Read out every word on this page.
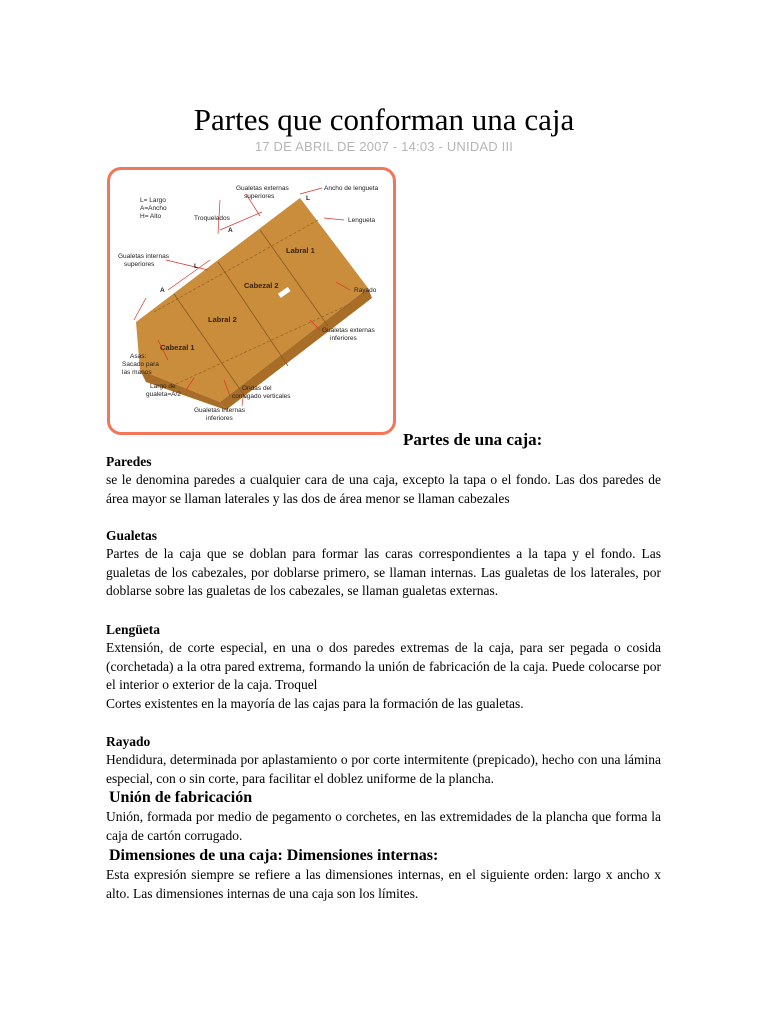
Partes que conforman una caja
17 DE ABRIL DE 2007 - 14:03 - UNIDAD III
Labral 1
Cabezal 2
Labral 2
Cabezal 1
L
A
L
A
L= Largo
A=Ancho
H= Alto	Troquelados
Gualetas externas
superiores
Ancho de lengueta
Lengueta
Gualetas internas
superiores
Rayado
Gualetas externas
inferiores
Asas:
Sacado para
las manos
Largo de
gualeta=A/2
Ondas del
corrugado verticales
Gualetas internas
inferiores
Partes de una caja:
Paredes

se le denomina paredes a cualquier cara de una caja, excepto la tapa o el fondo. Las dos paredes de área mayor se llaman laterales y las dos de área menor se llaman cabezales

Gualetas

Partes de la caja que se doblan para formar las caras correspondientes a la tapa y el fondo. Las gualetas de los cabezales, por doblarse primero, se llaman internas. Las gualetas de los laterales, por doblarse sobre las gualetas de los cabezales, se llaman gualetas externas.

Lengüeta

Extensión, de corte especial, en una o dos paredes extremas de la caja, para ser pegada o cosida (corchetada) a la otra pared extrema, formando la unión de fabricación de la caja. Puede colocarse por el interior o exterior de la caja. Troquel

Cortes existentes en la mayoría de las cajas para la formación de las gualetas.

Rayado

Hendidura, determinada por aplastamiento o por corte intermitente (prepicado), hecho con una lámina especial, con o sin corte, para facilitar el doblez uniforme de la plancha.

Unión de fabricación

Unión, formada por medio de pegamento o corchetes, en las extremidades de la plancha que forma la caja de cartón corrugado.

Dimensiones de una caja: Dimensiones internas:

Esta expresión siempre se refiere a las dimensiones internas, en el siguiente orden: largo x ancho x alto. Las dimensiones internas de una caja son los límites.
